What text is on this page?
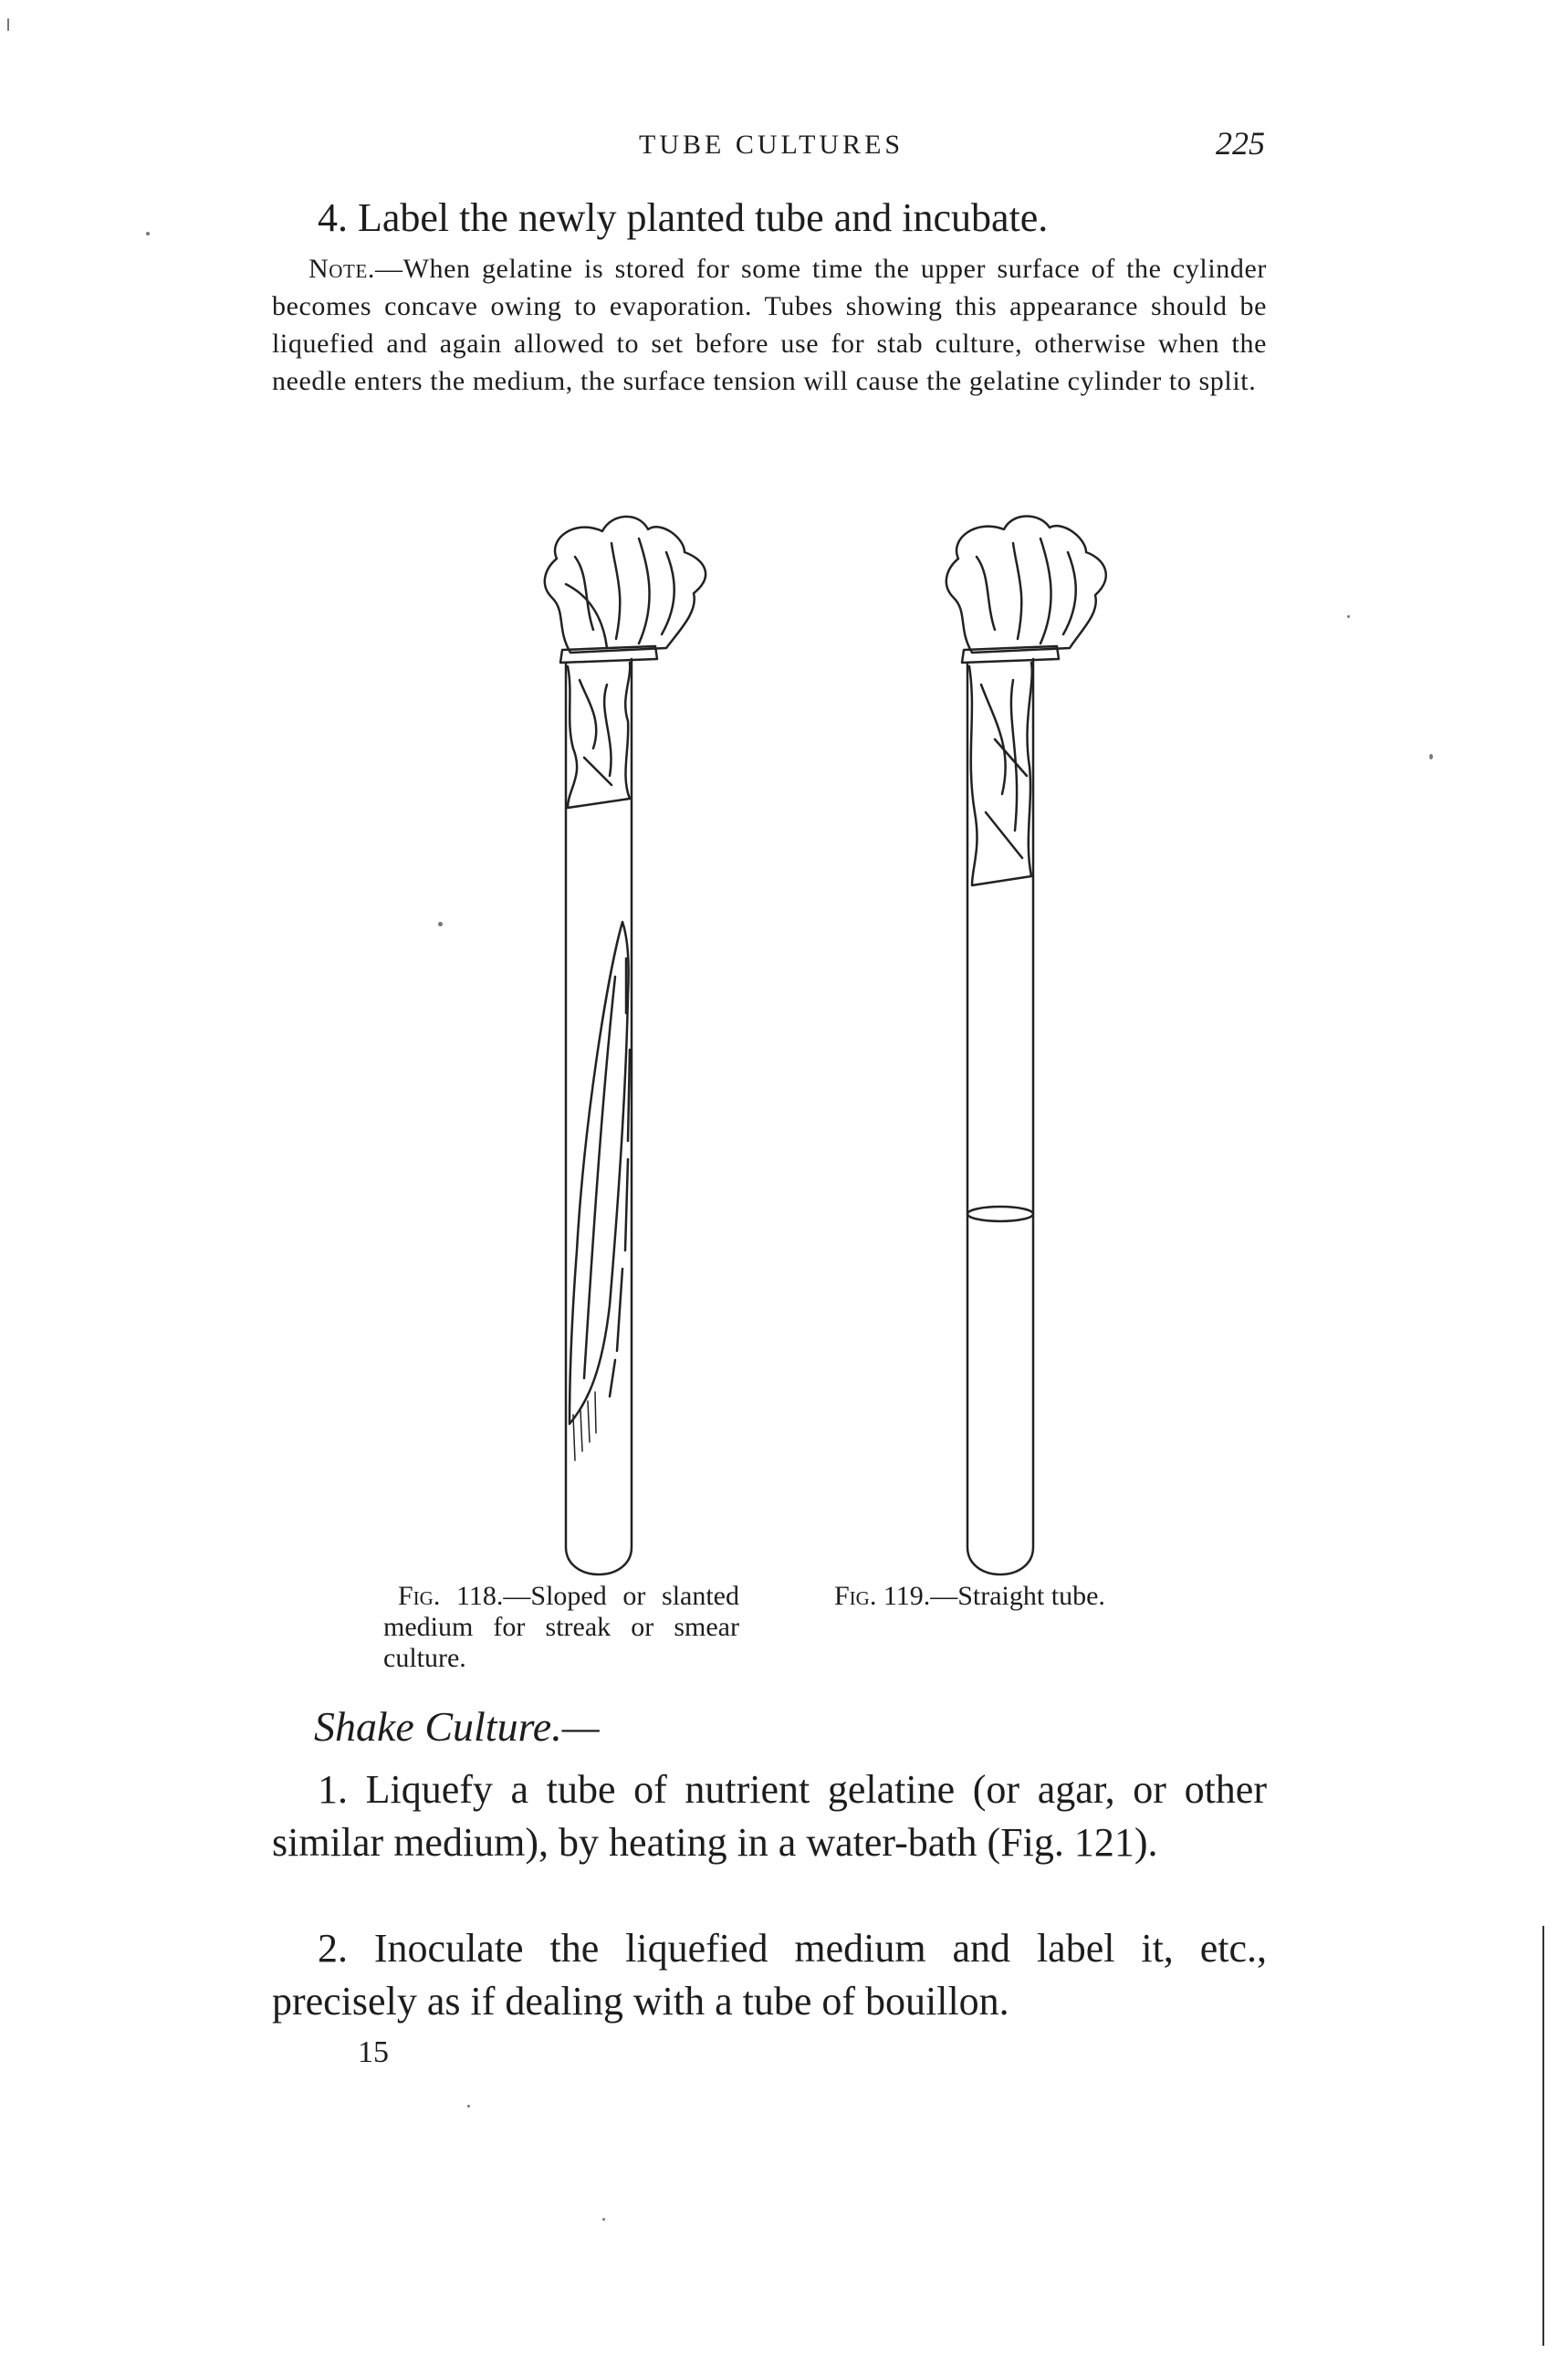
TUBE CULTURES	225

4. Label the newly planted tube and incubate.

Note.—When gelatine is stored for some time the upper surface of the cylinder becomes concave owing to evaporation. Tubes showing this appearance should be liquefied and again allowed to set before use for stab culture, otherwise when the needle enters the medium, the surface tension will cause the gelatine cylinder to split.

Fig. 118.—Sloped or slanted medium for streak or smear culture.

Fig. 119.—Straight tube.

Shake Culture.—

1. Liquefy a tube of nutrient gelatine (or agar, or other similar medium), by heating in a water-bath (Fig. 121).

2. Inoculate the liquefied medium and label it, etc., precisely as if dealing with a tube of bouillon.

15
